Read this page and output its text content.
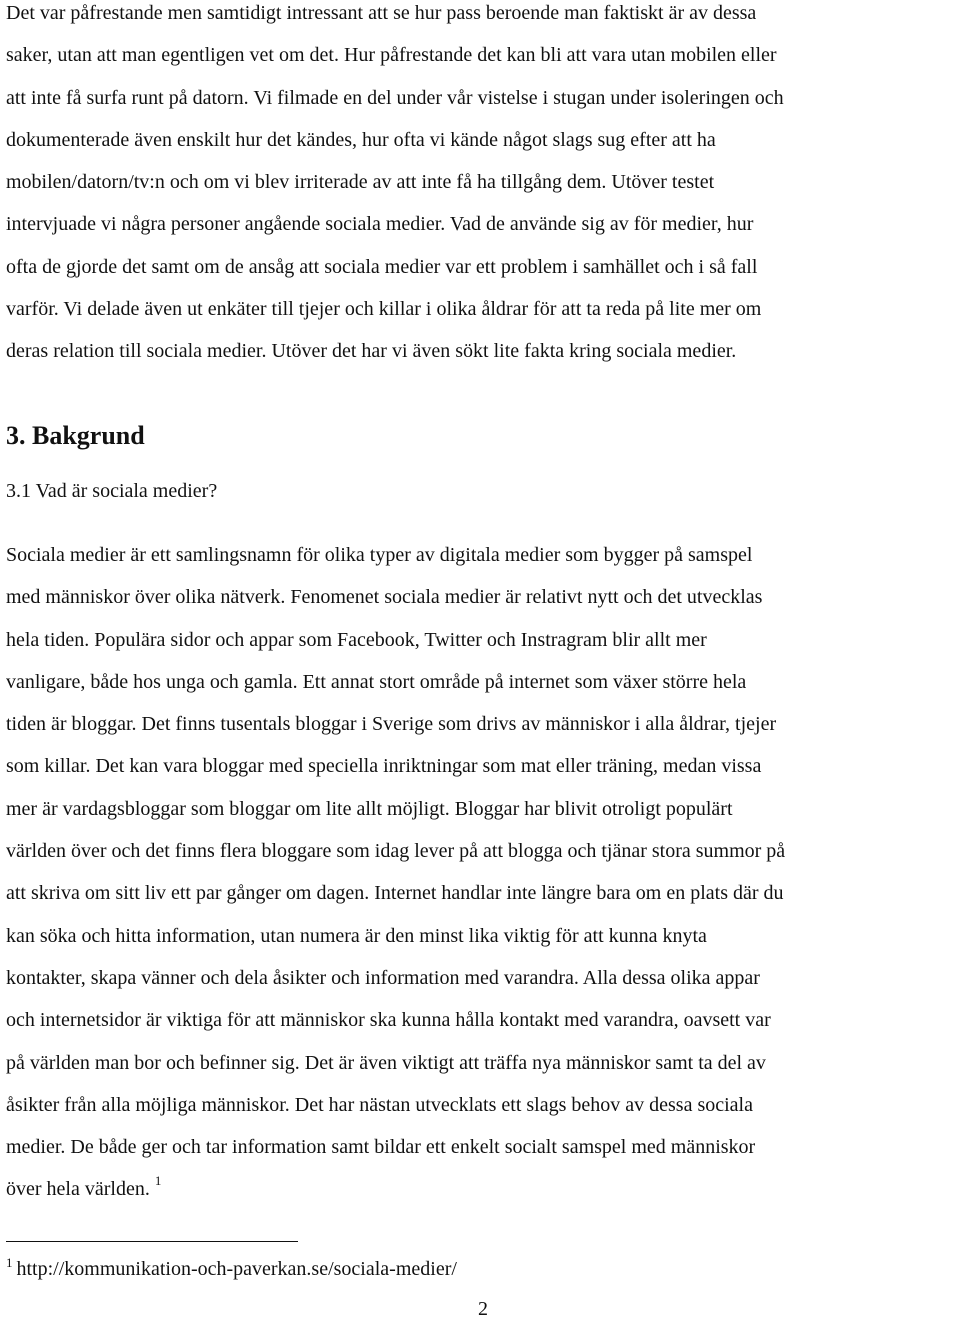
Det var påfrestande men samtidigt intressant att se hur pass beroende man faktiskt är av dessa
saker, utan att man egentligen vet om det. Hur påfrestande det kan bli att vara utan mobilen eller
att inte få surfa runt på datorn. Vi filmade en del under vår vistelse i stugan under isoleringen och
dokumenterade även enskilt hur det kändes, hur ofta vi kände något slags sug efter att ha
mobilen/datorn/tv:n och om vi blev irriterade av att inte få ha tillgång dem. Utöver testet
intervjuade vi några personer angående sociala medier. Vad de använde sig av för medier, hur
ofta de gjorde det samt om de ansåg att sociala medier var ett problem i samhället och i så fall
varför. Vi delade även ut enkäter till tjejer och killar i olika åldrar för att ta reda på lite mer om
deras relation till sociala medier. Utöver det har vi även sökt lite fakta kring sociala medier.

3. Bakgrund
3.1 Vad är sociala medier?

Sociala medier är ett samlingsnamn för olika typer av digitala medier som bygger på samspel
med människor över olika nätverk. Fenomenet sociala medier är relativt nytt och det utvecklas
hela tiden. Populära sidor och appar som Facebook, Twitter och Instragram blir allt mer
vanligare, både hos unga och gamla. Ett annat stort område på internet som växer större hela
tiden är bloggar. Det finns tusentals bloggar i Sverige som drivs av människor i alla åldrar, tjejer
som killar. Det kan vara bloggar med speciella inriktningar som mat eller träning, medan vissa
mer är vardagsbloggar som bloggar om lite allt möjligt. Bloggar har blivit otroligt populärt
världen över och det finns flera bloggare som idag lever på att blogga och tjänar stora summor på
att skriva om sitt liv ett par gånger om dagen. Internet handlar inte längre bara om en plats där du
kan söka och hitta information, utan numera är den minst lika viktig för att kunna knyta
kontakter, skapa vänner och dela åsikter och information med varandra. Alla dessa olika appar
och internetsidor är viktiga för att människor ska kunna hålla kontakt med varandra, oavsett var
på världen man bor och befinner sig. Det är även viktigt att träffa nya människor samt ta del av
åsikter från alla möjliga människor. Det har nästan utvecklats ett slags behov av dessa sociala
medier. De både ger och tar information samt bildar ett enkelt socialt samspel med människor
över hela världen. $^1$

$^1$ http://kommunikation-och-paverkan.se/sociala-medier/

2
